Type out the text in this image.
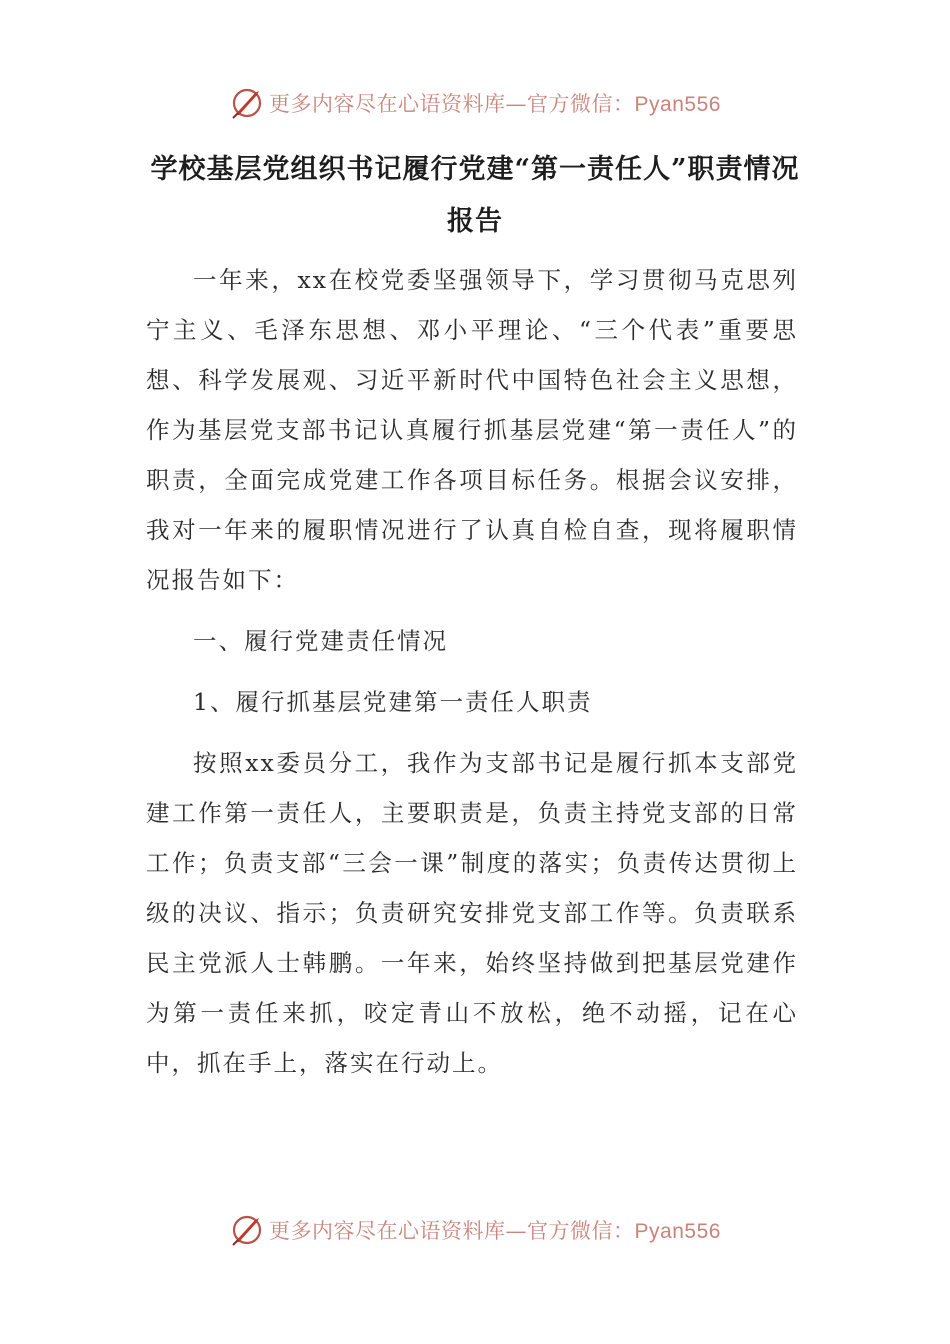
更多内容尽在心语资料库—官方微信：Pyan556
学校基层党组织书记履行党建“第一责任人”职责情况报告

一年来，xx在校党委坚强领导下，学习贯彻马克思列宁主义、毛泽东思想、邓小平理论、“三个代表”重要思想、科学发展观、习近平新时代中国特色社会主义思想，作为基层党支部书记认真履行抓基层党建“第一责任人”的职责，全面完成党建工作各项目标任务。根据会议安排，我对一年来的履职情况进行了认真自检自查，现将履职情况报告如下：

一、履行党建责任情况

1、履行抓基层党建第一责任人职责

按照xx委员分工，我作为支部书记是履行抓本支部党建工作第一责任人，主要职责是，负责主持党支部的日常工作；负责支部“三会一课”制度的落实；负责传达贯彻上级的决议、指示；负责研究安排党支部工作等。负责联系民主党派人士韩鹏。一年来，始终坚持做到把基层党建作为第一责任来抓，咬定青山不放松，绝不动摇，记在心中，抓在手上，落实在行动上。

更多内容尽在心语资料库—官方微信：Pyan556
